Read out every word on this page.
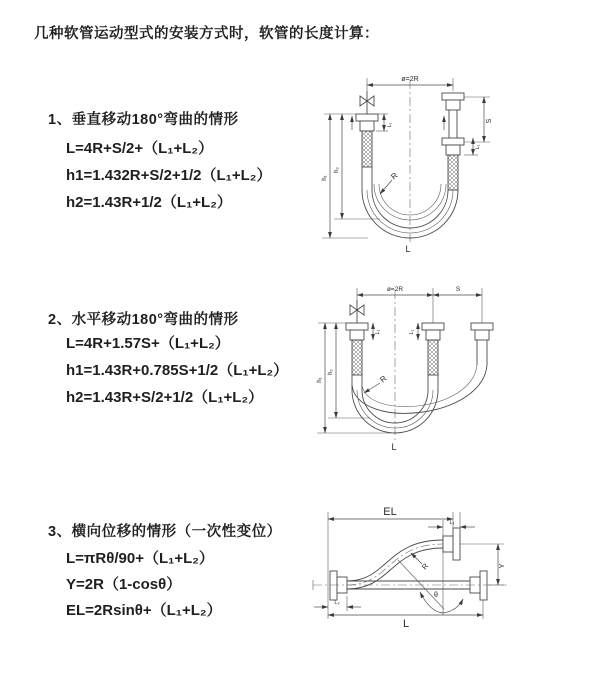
几种软管运动型式的安装方式时，软管的长度计算：
1、垂直移动180°弯曲的情形
L=4R+S/2+（L₁+L₂）
h1=1.432R+S/2+1/2（L₁+L₂）
h2=1.43R+1/2（L₁+L₂）
2、水平移动180°弯曲的情形
L=4R+1.57S+（L₁+L₂）
h1=1.43R+0.785S+1/2（L₁+L₂）
h2=1.43R+S/2+1/2（L₁+L₂）
3、横向位移的情形（一次性变位）
L=πRθ/90+（L₁+L₂）
Y=2R（1-cosθ）
EL=2Rsinθ+（L₁+L₂）
ø=2R
L₁
h₁
h₂
R
S
L₁
L
ø=2R	S
h₁
h₂
L₁	L₁
R
L
EL
L₁
Y
R
θ
L
L₂
